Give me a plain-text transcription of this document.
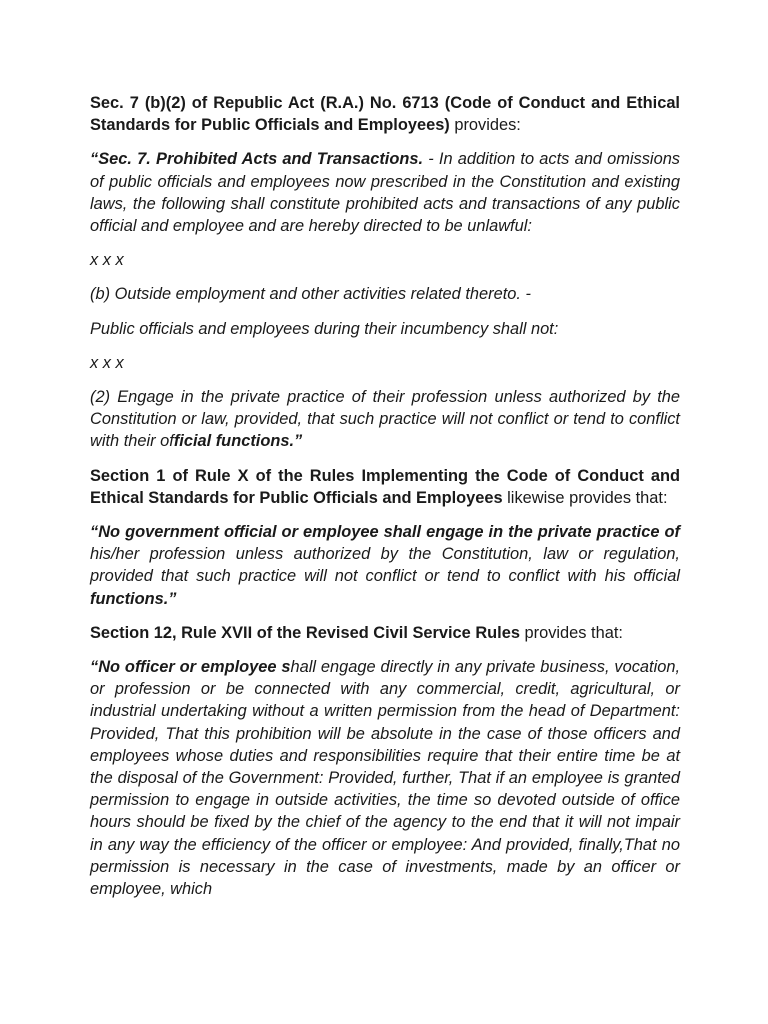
Sec. 7 (b)(2) of Republic Act (R.A.) No. 6713 (Code of Conduct and Ethical Standards for Public Officials and Employees) provides:

“Sec. 7. Prohibited Acts and Transactions. - In addition to acts and omissions of public officials and employees now prescribed in the Constitution and existing laws, the following shall constitute prohibited acts and transactions of any public official and employee and are hereby directed to be unlawful:

x x x

(b) Outside employment and other activities related thereto. -

Public officials and employees during their incumbency shall not:

x x x

(2) Engage in the private practice of their profession unless authorized by the Constitution or law, provided, that such practice will not conflict or tend to conflict with their official functions.”

Section 1 of Rule X of the Rules Implementing the Code of Conduct and Ethical Standards for Public Officials and Employees likewise provides that:

“No government official or employee shall engage in the private practice of his/her profession unless authorized by the Constitution, law or regulation, provided that such practice will not conflict or tend to conflict with his official functions.”

Section 12, Rule XVII of the Revised Civil Service Rules provides that:

“No officer or employee shall engage directly in any private business, vocation, or profession or be connected with any commercial, credit, agricultural, or industrial undertaking without a written permission from the head of Department: Provided, That this prohibition will be absolute in the case of those officers and employees whose duties and responsibilities require that their entire time be at the disposal of the Government: Provided, further, That if an employee is granted permission to engage in outside activities, the time so devoted outside of office hours should be fixed by the chief of the agency to the end that it will not impair in any way the efficiency of the officer or employee: And provided, finally,That no permission is necessary in the case of investments, made by an officer or employee, which
